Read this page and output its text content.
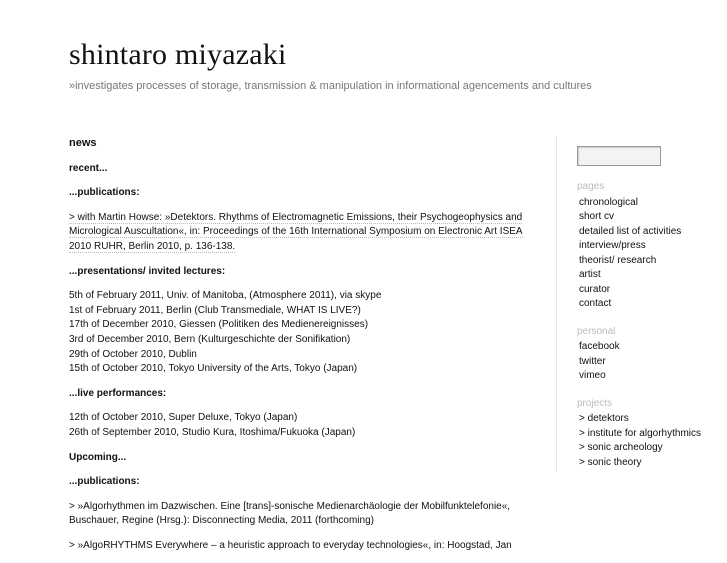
shintaro miyazaki
»investigates processes of storage, transmission & manipulation in informational agencements and cultures
news
recent...
...publications:

> with Martin Howse: »Detektors. Rhythms of Electromagnetic Emissions, their Psychogeophysics and Micrological Auscultation«, in: Proceedings of the 16th International Symposium on Electronic Art ISEA 2010 RUHR, Berlin 2010, p. 136-138.

...presentations/ invited lectures:

5th of February 2011, Univ. of Manitoba, (Atmosphere 2011), via skype
1st of February 2011, Berlin (Club Transmediale, WHAT IS LIVE?)
17th of December 2010, Giessen (Politiken des Medienereignisses)
3rd of December 2010, Bern (Kulturgeschichte der Sonifikation)
29th of October 2010, Dublin
15th of October 2010, Tokyo University of the Arts, Tokyo (Japan)

...live performances:

12th of October 2010, Super Deluxe, Tokyo (Japan)
26th of September 2010, Studio Kura, Itoshima/Fukuoka (Japan)

Upcoming...
...publications:

> »Algorhythmen im Dazwischen. Eine [trans]-sonische Medienarchäologie der Mobilfunktelefonie«, Buschauer, Regine (Hrsg.): Disconnecting Media, 2011 (forthcoming)

> »AlgoRHYTHMS Everywhere – a heuristic approach to everyday technologies«, in: Hoogstad, Jan

pages
chronological
short cv
detailed list of activities
interview/press
theorist/ research
artist
curator
contact
personal
facebook
twitter
vimeo
projects
> detektors
> institute for algorhythmics
> sonic archeology
> sonic theory
